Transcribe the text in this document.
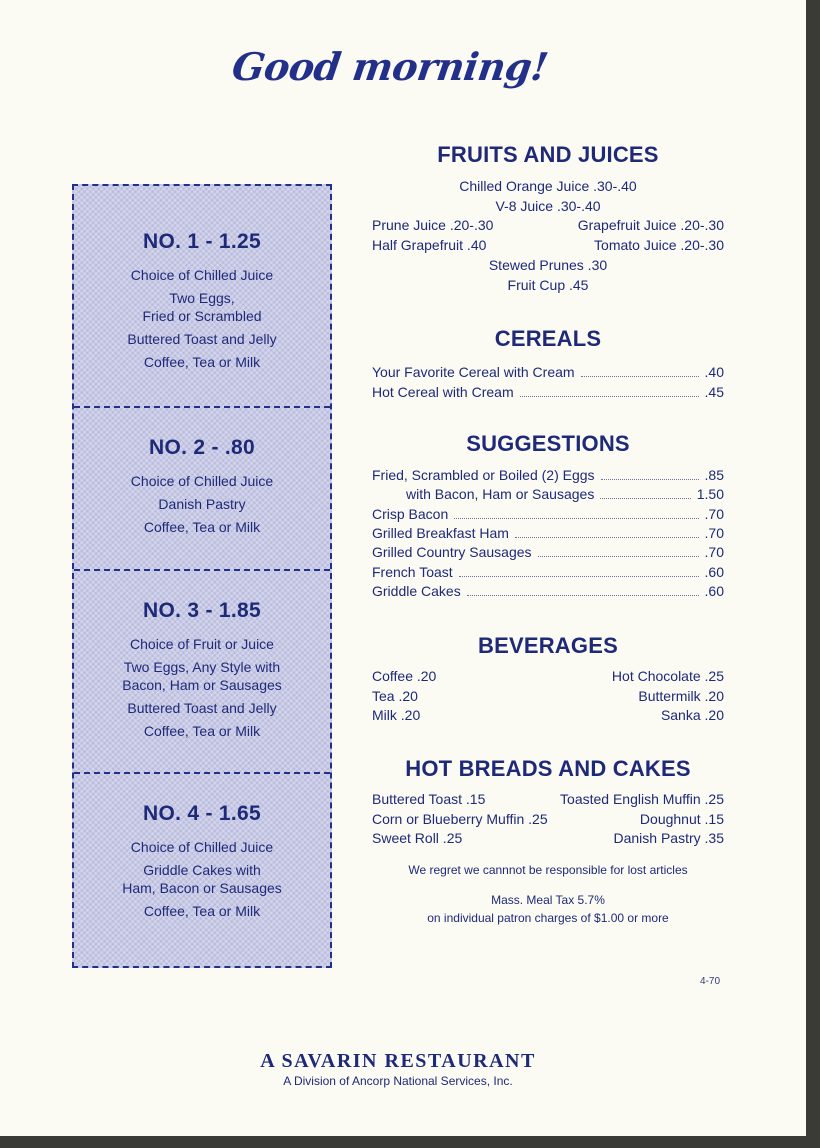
Good morning!
NO. 1 - 1.25
Choice of Chilled Juice
Two Eggs,
Fried or Scrambled
Buttered Toast and Jelly
Coffee, Tea or Milk
NO. 2 - .80
Choice of Chilled Juice
Danish Pastry
Coffee, Tea or Milk
NO. 3 - 1.85
Choice of Fruit or Juice
Two Eggs, Any Style with
Bacon, Ham or Sausages
Buttered Toast and Jelly
Coffee, Tea or Milk
NO. 4 - 1.65
Choice of Chilled Juice
Griddle Cakes with
Ham, Bacon or Sausages
Coffee, Tea or Milk
FRUITS AND JUICES
Chilled Orange Juice .30-.40
V-8 Juice .30-.40
Prune Juice .20-.30	Grapefruit Juice .20-.30
Half Grapefruit .40	Tomato Juice .20-.30
Stewed Prunes .30
Fruit Cup .45
CEREALS
Your Favorite Cereal with Cream	.40
Hot Cereal with Cream	.45
SUGGESTIONS
Fried, Scrambled or Boiled (2) Eggs	.85
with Bacon, Ham or Sausages	1.50
Crisp Bacon	.70
Grilled Breakfast Ham	.70
Grilled Country Sausages	.70
French Toast	.60
Griddle Cakes	.60
BEVERAGES
Coffee .20	Hot Chocolate .25
Tea .20	Buttermilk .20
Milk .20	Sanka .20
HOT BREADS AND CAKES
Buttered Toast .15	Toasted English Muffin .25
Corn or Blueberry Muffin .25	Doughnut .15
Sweet Roll .25	Danish Pastry .35
We regret we cannnot be responsible for lost articles
Mass. Meal Tax 5.7%
on individual patron charges of $1.00 or more
4-70
A SAVARIN RESTAURANT
A Division of Ancorp National Services, Inc.
